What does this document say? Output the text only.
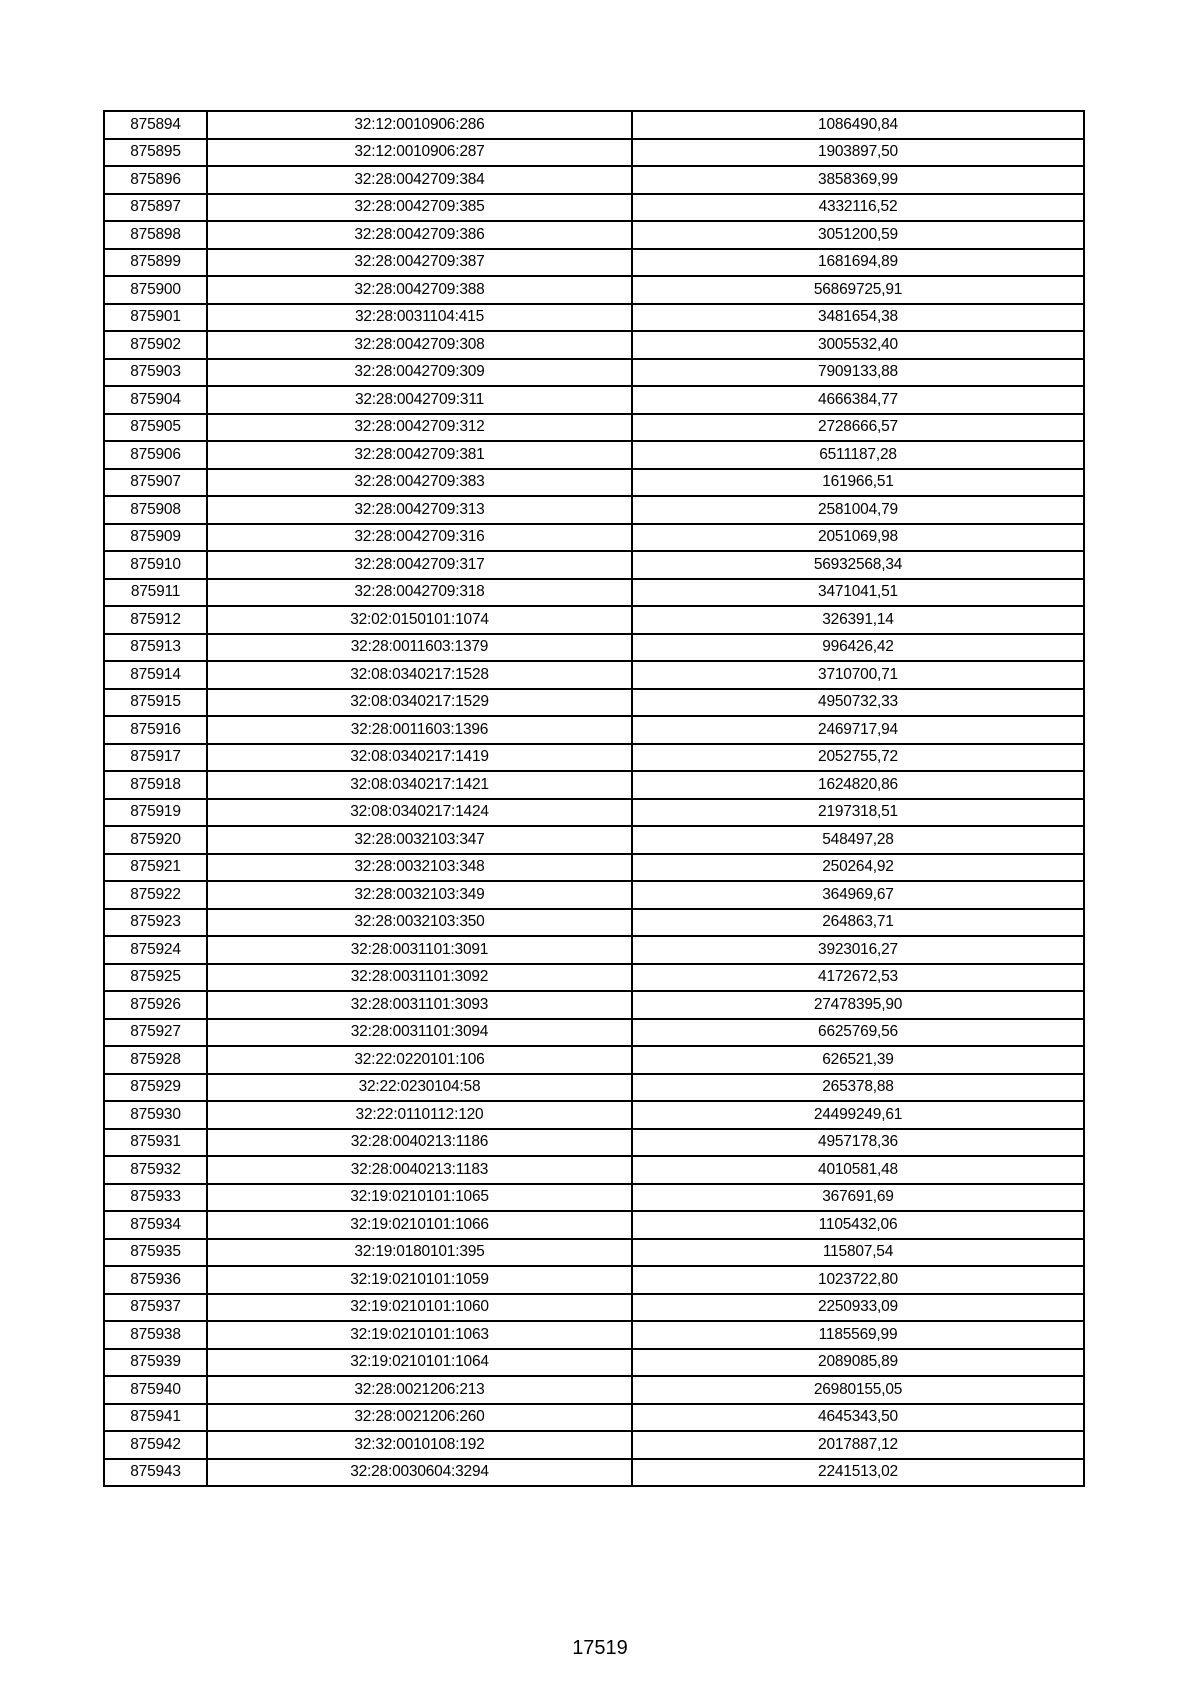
875894	32:12:0010906:286	1086490,84
875895	32:12:0010906:287	1903897,50
875896	32:28:0042709:384	3858369,99
875897	32:28:0042709:385	4332116,52
875898	32:28:0042709:386	3051200,59
875899	32:28:0042709:387	1681694,89
875900	32:28:0042709:388	56869725,91
875901	32:28:0031104:415	3481654,38
875902	32:28:0042709:308	3005532,40
875903	32:28:0042709:309	7909133,88
875904	32:28:0042709:311	4666384,77
875905	32:28:0042709:312	2728666,57
875906	32:28:0042709:381	6511187,28
875907	32:28:0042709:383	161966,51
875908	32:28:0042709:313	2581004,79
875909	32:28:0042709:316	2051069,98
875910	32:28:0042709:317	56932568,34
875911	32:28:0042709:318	3471041,51
875912	32:02:0150101:1074	326391,14
875913	32:28:0011603:1379	996426,42
875914	32:08:0340217:1528	3710700,71
875915	32:08:0340217:1529	4950732,33
875916	32:28:0011603:1396	2469717,94
875917	32:08:0340217:1419	2052755,72
875918	32:08:0340217:1421	1624820,86
875919	32:08:0340217:1424	2197318,51
875920	32:28:0032103:347	548497,28
875921	32:28:0032103:348	250264,92
875922	32:28:0032103:349	364969,67
875923	32:28:0032103:350	264863,71
875924	32:28:0031101:3091	3923016,27
875925	32:28:0031101:3092	4172672,53
875926	32:28:0031101:3093	27478395,90
875927	32:28:0031101:3094	6625769,56
875928	32:22:0220101:106	626521,39
875929	32:22:0230104:58	265378,88
875930	32:22:0110112:120	24499249,61
875931	32:28:0040213:1186	4957178,36
875932	32:28:0040213:1183	4010581,48
875933	32:19:0210101:1065	367691,69
875934	32:19:0210101:1066	1105432,06
875935	32:19:0180101:395	115807,54
875936	32:19:0210101:1059	1023722,80
875937	32:19:0210101:1060	2250933,09
875938	32:19:0210101:1063	1185569,99
875939	32:19:0210101:1064	2089085,89
875940	32:28:0021206:213	26980155,05
875941	32:28:0021206:260	4645343,50
875942	32:32:0010108:192	2017887,12
875943	32:28:0030604:3294	2241513,02
17519
